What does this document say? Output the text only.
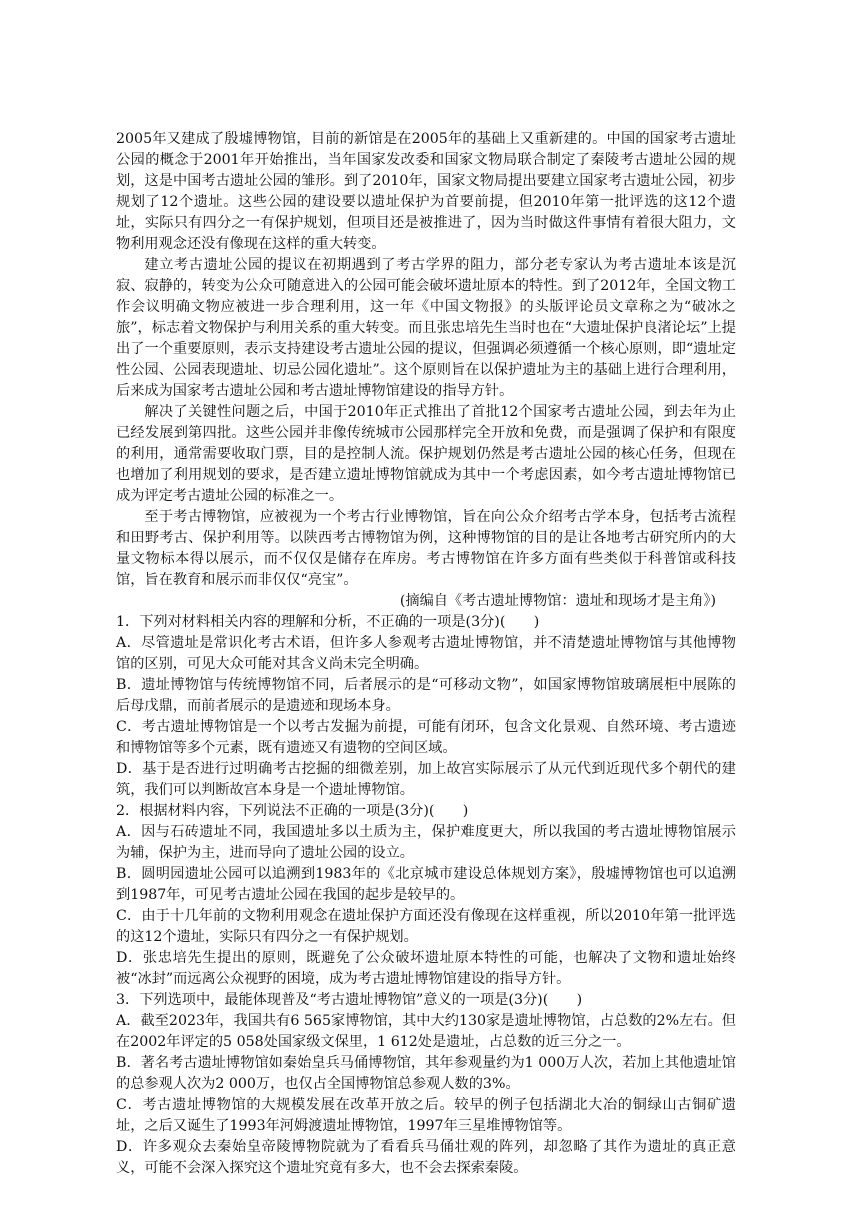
2005年又建成了殷墟博物馆，目前的新馆是在2005年的基础上又重新建的。中国的国家考古遗址公园的概念于2001年开始推出，当年国家发改委和国家文物局联合制定了秦陵考古遗址公园的规划，这是中国考古遗址公园的雏形。到了2010年，国家文物局提出要建立国家考古遗址公园，初步规划了12个遗址。这些公园的建设要以遗址保护为首要前提，但2010年第一批评选的这12个遗址，实际只有四分之一有保护规划，但项目还是被推进了，因为当时做这件事情有着很大阻力，文物利用观念还没有像现在这样的重大转变。

建立考古遗址公园的提议在初期遇到了考古学界的阻力，部分老专家认为考古遗址本该是沉寂、寂静的，转变为公众可随意进入的公园可能会破坏遗址原本的特性。到了2012年，全国文物工作会议明确文物应被进一步合理利用，这一年《中国文物报》的头版评论员文章称之为“破冰之旅”，标志着文物保护与利用关系的重大转变。而且张忠培先生当时也在“大遗址保护良渚论坛”上提出了一个重要原则，表示支持建设考古遗址公园的提议，但强调必须遵循一个核心原则，即“遗址定性公园、公园表现遗址、切忌公园化遗址”。这个原则旨在以保护遗址为主的基础上进行合理利用，后来成为国家考古遗址公园和考古遗址博物馆建设的指导方针。

解决了关键性问题之后，中国于2010年正式推出了首批12个国家考古遗址公园，到去年为止已经发展到第四批。这些公园并非像传统城市公园那样完全开放和免费，而是强调了保护和有限度的利用，通常需要收取门票，目的是控制人流。保护规划仍然是考古遗址公园的核心任务，但现在也增加了利用规划的要求，是否建立遗址博物馆就成为其中一个考虑因素，如今考古遗址博物馆已成为评定考古遗址公园的标准之一。

至于考古博物馆，应被视为一个考古行业博物馆，旨在向公众介绍考古学本身，包括考古流程和田野考古、保护利用等。以陕西考古博物馆为例，这种博物馆的目的是让各地考古研究所内的大量文物标本得以展示，而不仅仅是储存在库房。考古博物馆在许多方面有些类似于科普馆或科技馆，旨在教育和展示而非仅仅“亮宝”。

(摘编自《考古遗址博物馆：遗址和现场才是主角》)

1．下列对材料相关内容的理解和分析，不正确的一项是(3分)(　　)

A．尽管遗址是常识化考古术语，但许多人参观考古遗址博物馆，并不清楚遗址博物馆与其他博物馆的区别，可见大众可能对其含义尚未完全明确。

B．遗址博物馆与传统博物馆不同，后者展示的是“可移动文物”，如国家博物馆玻璃展柜中展陈的后母戊鼎，而前者展示的是遗迹和现场本身。

C．考古遗址博物馆是一个以考古发掘为前提，可能有闭环，包含文化景观、自然环境、考古遗迹和博物馆等多个元素，既有遗迹又有遗物的空间区域。

D．基于是否进行过明确考古挖掘的细微差别，加上故宫实际展示了从元代到近现代多个朝代的建筑，我们可以判断故宫本身是一个遗址博物馆。

2．根据材料内容，下列说法不正确的一项是(3分)(　　)

A．因与石砖遗址不同，我国遗址多以土质为主，保护难度更大，所以我国的考古遗址博物馆展示为辅，保护为主，进而导向了遗址公园的设立。

B．圆明园遗址公园可以追溯到1983年的《北京城市建设总体规划方案》，殷墟博物馆也可以追溯到1987年，可见考古遗址公园在我国的起步是较早的。

C．由于十几年前的文物利用观念在遗址保护方面还没有像现在这样重视，所以2010年第一批评选的这12个遗址，实际只有四分之一有保护规划。

D．张忠培先生提出的原则，既避免了公众破坏遗址原本特性的可能，也解决了文物和遗址始终被“冰封”而远离公众视野的困境，成为考古遗址博物馆建设的指导方针。

3．下列选项中，最能体现普及“考古遗址博物馆”意义的一项是(3分)(　　)

A．截至2023年，我国共有6 565家博物馆，其中大约130家是遗址博物馆，占总数的2%左右。但在2002年评定的5 058处国家级文保里，1 612处是遗址，占总数的近三分之一。

B．著名考古遗址博物馆如秦始皇兵马俑博物馆，其年参观量约为1 000万人次，若加上其他遗址馆的总参观人次为2 000万，也仅占全国博物馆总参观人数的3%。

C．考古遗址博物馆的大规模发展在改革开放之后。较早的例子包括湖北大冶的铜绿山古铜矿遗址，之后又诞生了1993年河姆渡遗址博物馆，1997年三星堆博物馆等。

D．许多观众去秦始皇帝陵博物院就为了看看兵马俑壮观的阵列，却忽略了其作为遗址的真正意义，可能不会深入探究这个遗址究竟有多大，也不会去探索秦陵。
